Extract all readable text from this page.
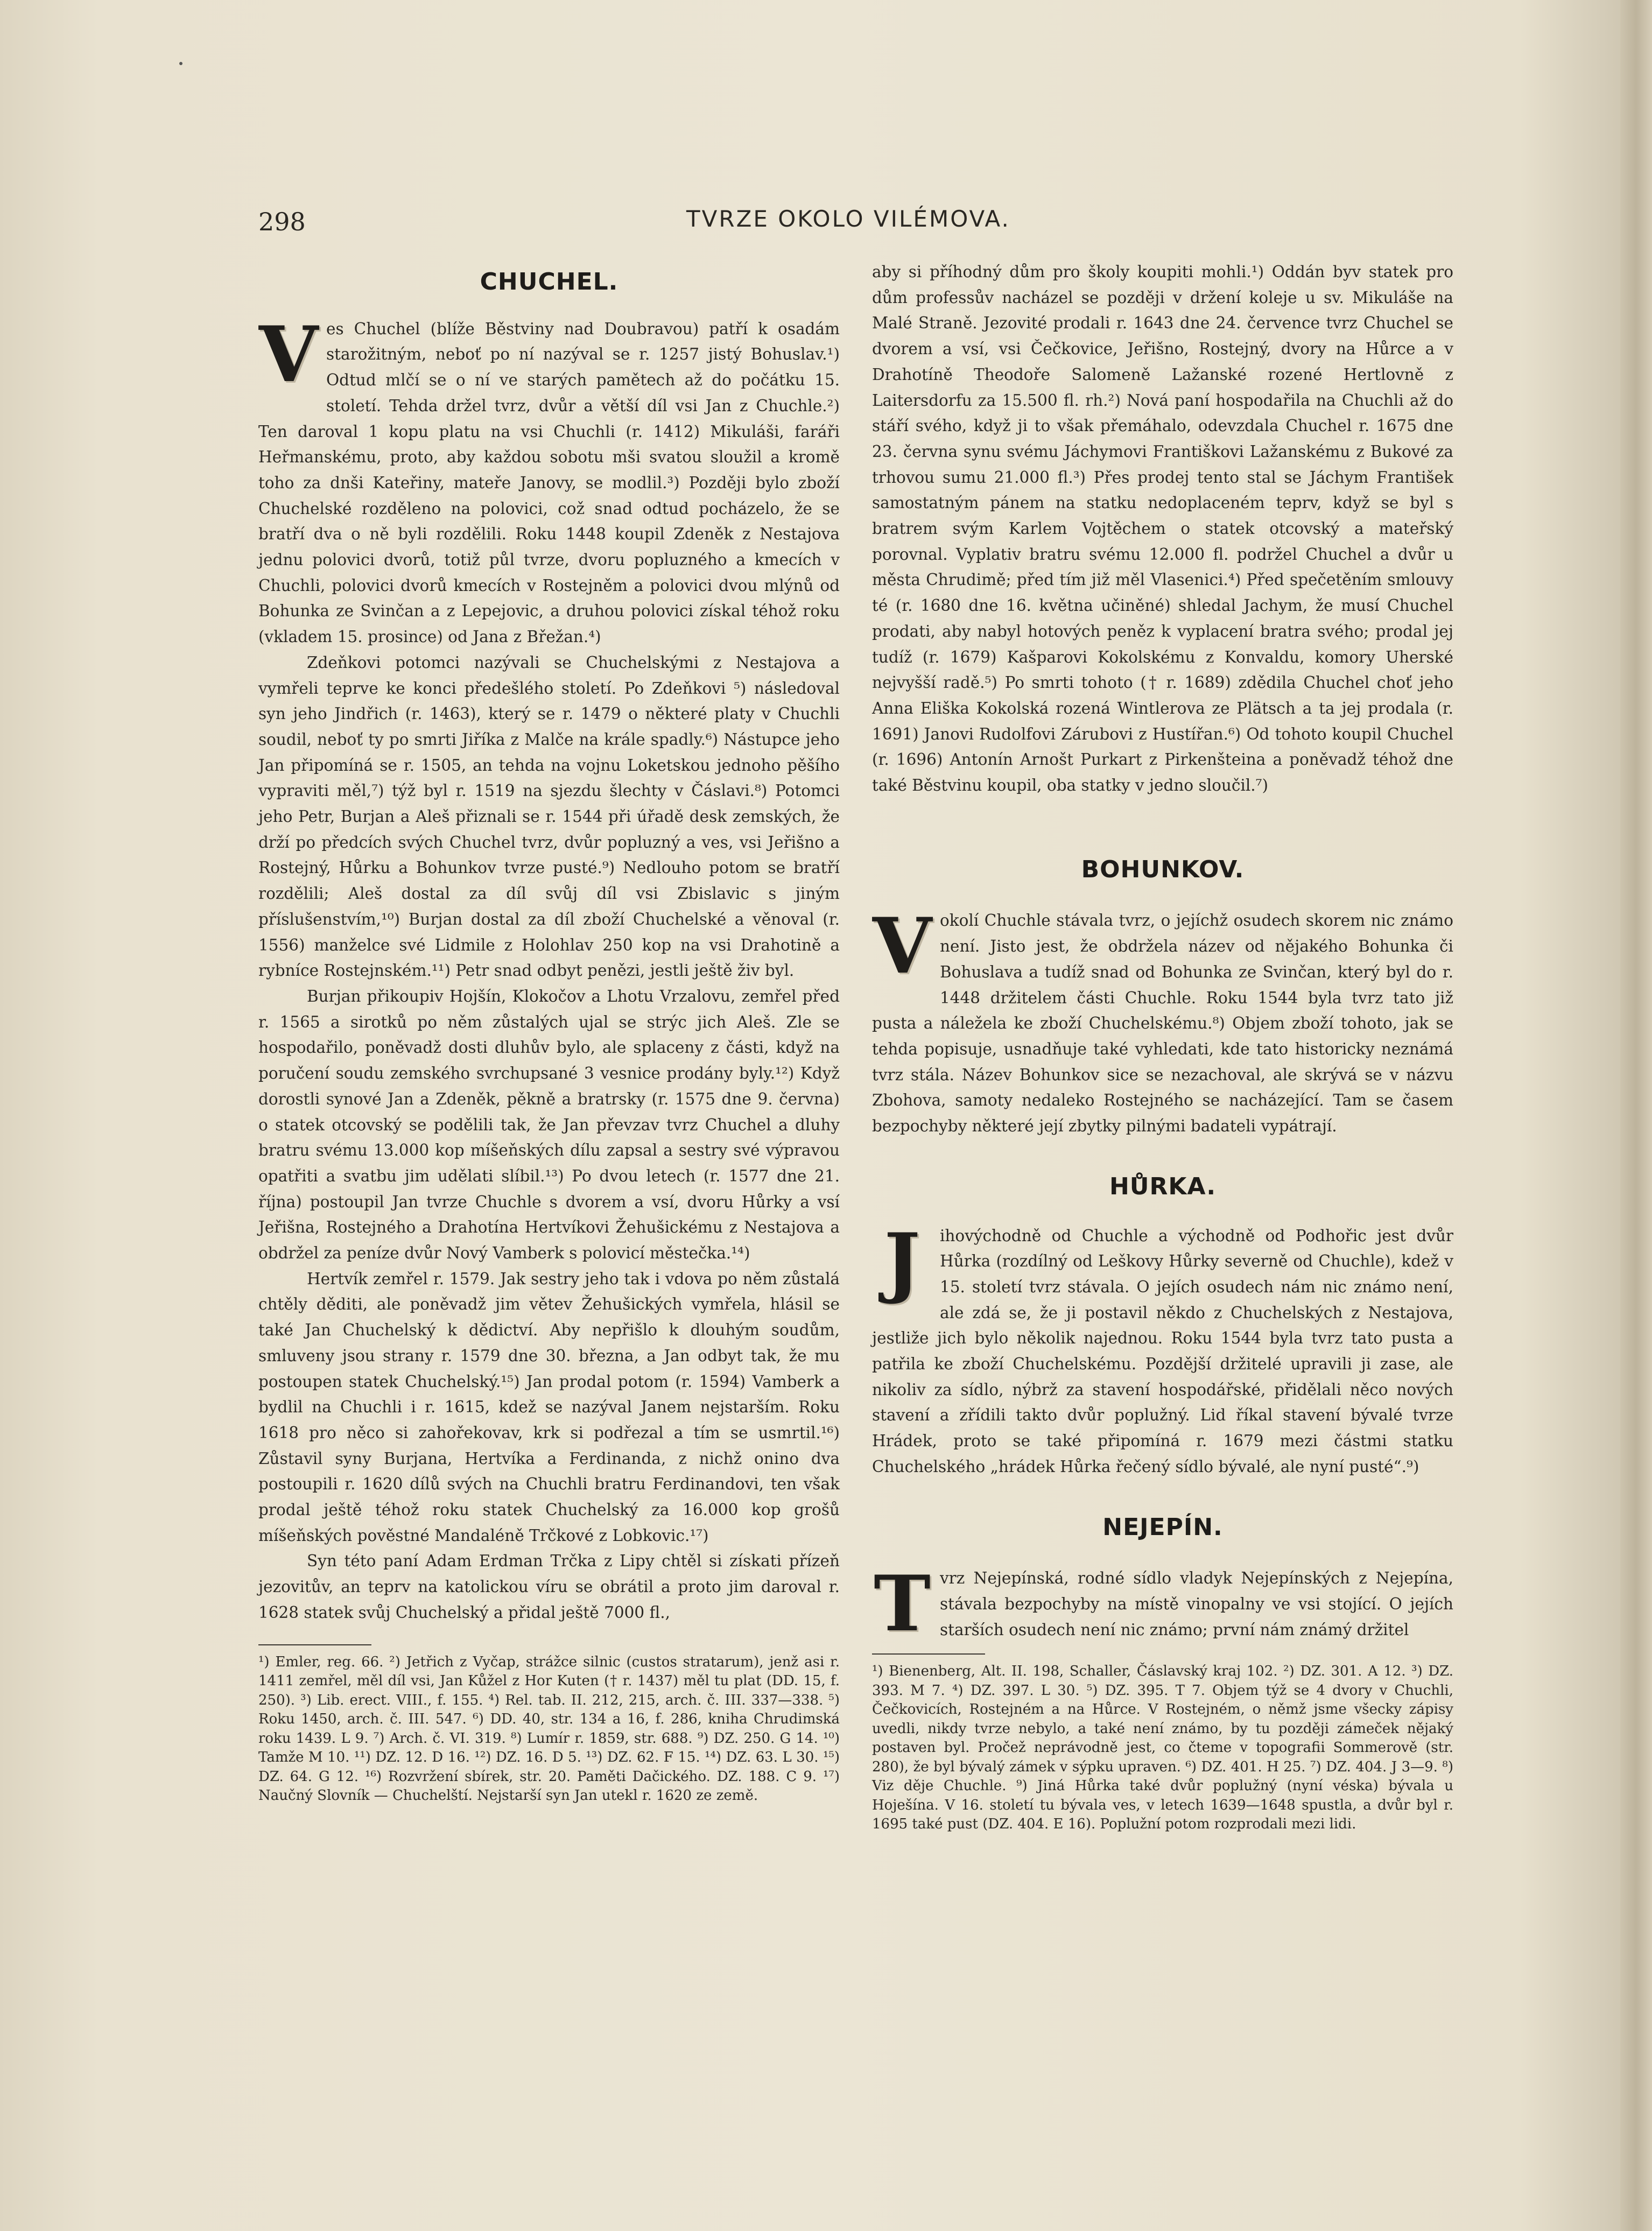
298	TVRZE OKOLO VILÉMOVA.
CHUCHEL.

Ves Chuchel (blíže Běstviny nad Doubravou) patří k osadám starožitným, neboť po ní nazýval se r. 1257 jistý Bohuslav.¹) Odtud mlčí se o ní ve starých pamětech až do počátku 15. století. Tehda držel tvrz, dvůr a větší díl vsi Jan z Chuchle.²) Ten daroval 1 kopu platu na vsi Chuchli (r. 1412) Mikuláši, faráři Heřmanskému, proto, aby každou sobotu mši svatou sloužil a kromě toho za dnši Kateřiny, mateře Janovy, se modlil.³) Později bylo zboží Chuchelské rozděleno na polovici, což snad odtud pocházelo, že se bratří dva o ně byli rozdělili. Roku 1448 koupil Zdeněk z Nestajova jednu polovici dvorů, totiž půl tvrze, dvoru popluzného a kmecích v Chuchli, polovici dvorů kmecích v Rostejněm a polovici dvou mlýnů od Bohunka ze Svinčan a z Lepejovic, a druhou polovici získal téhož roku (vkladem 15. prosince) od Jana z Břežan.⁴)

Zdeňkovi potomci nazývali se Chuchelskými z Nestajova a vymřeli teprve ke konci předešlého století. Po Zdeňkovi ⁵) následoval syn jeho Jindřich (r. 1463), který se r. 1479 o některé platy v Chuchli soudil, neboť ty po smrti Jiříka z Malče na krále spadly.⁶) Nástupce jeho Jan připomíná se r. 1505, an tehda na vojnu Loketskou jednoho pěšího vypraviti měl,⁷) týž byl r. 1519 na sjezdu šlechty v Čáslavi.⁸) Potomci jeho Petr, Burjan a Aleš přiznali se r. 1544 při úřadě desk zemských, že drží po předcích svých Chuchel tvrz, dvůr popluzný a ves, vsi Jeřišno a Rostejný, Hůrku a Bohunkov tvrze pusté.⁹) Nedlouho potom se bratří rozdělili; Aleš dostal za díl svůj díl vsi Zbislavic s jiným příslušenstvím,¹⁰) Burjan dostal za díl zboží Chuchelské a věnoval (r. 1556) manželce své Lidmile z Holohlav 250 kop na vsi Drahotině a rybníce Rostejnském.¹¹) Petr snad odbyt penězi, jestli ještě živ byl.

Burjan přikoupiv Hojšín, Klokočov a Lhotu Vrzalovu, zemřel před r. 1565 a sirotků po něm zůstalých ujal se strýc jich Aleš. Zle se hospodařilo, poněvadž dosti dluhův bylo, ale splaceny z části, když na poručení soudu zemského svrchupsané 3 vesnice prodány byly.¹²) Když dorostli synové Jan a Zdeněk, pěkně a bratrsky (r. 1575 dne 9. června) o statek otcovský se podělili tak, že Jan převzav tvrz Chuchel a dluhy bratru svému 13.000 kop míšeňských dílu zapsal a sestry své výpravou opatřiti a svatbu jim udělati slíbil.¹³) Po dvou letech (r. 1577 dne 21. října) postoupil Jan tvrze Chuchle s dvorem a vsí, dvoru Hůrky a vsí Jeřišna, Rostejného a Drahotína Hertvíkovi Žehušickému z Nestajova a obdržel za peníze dvůr Nový Vamberk s polovicí městečka.¹⁴)

Hertvík zemřel r. 1579. Jak sestry jeho tak i vdova po něm zůstalá chtěly děditi, ale poněvadž jim větev Žehušických vymřela, hlásil se také Jan Chuchelský k dědictví. Aby nepřišlo k dlouhým soudům, smluveny jsou strany r. 1579 dne 30. března, a Jan odbyt tak, že mu postoupen statek Chuchelský.¹⁵) Jan prodal potom (r. 1594) Vamberk a bydlil na Chuchli i r. 1615, kdež se nazýval Janem nejstarším. Roku 1618 pro něco si zahořekovav, krk si podřezal a tím se usmrtil.¹⁶) Zůstavil syny Burjana, Hertvíka a Ferdinanda, z nichž onino dva postoupili r. 1620 dílů svých na Chuchli bratru Ferdinandovi, ten však prodal ještě téhož roku statek Chuchelský za 16.000 kop grošů míšeňských pověstné Mandaléně Trčkové z Lobkovic.¹⁷)

Syn této paní Adam Erdman Trčka z Lipy chtěl si získati přízeň jezovitův, an teprv na katolickou víru se obrátil a proto jim daroval r. 1628 statek svůj Chuchelský a přidal ještě 7000 fl.,

¹) Emler, reg. 66. ²) Jetřich z Vyčap, strážce silnic (custos stratarum), jenž asi r. 1411 zemřel, měl díl vsi, Jan Kůžel z Hor Kuten († r. 1437) měl tu plat (DD. 15, f. 250). ³) Lib. erect. VIII., f. 155. ⁴) Rel. tab. II. 212, 215, arch. č. III. 337—338. ⁵) Roku 1450, arch. č. III. 547. ⁶) DD. 40, str. 134 a 16, f. 286, kniha Chrudimská roku 1439. L 9. ⁷) Arch. č. VI. 319. ⁸) Lumír r. 1859, str. 688. ⁹) DZ. 250. G 14. ¹⁰) Tamže M 10. ¹¹) DZ. 12. D 16. ¹²) DZ. 16. D 5. ¹³) DZ. 62. F 15. ¹⁴) DZ. 63. L 30. ¹⁵) DZ. 64. G 12. ¹⁶) Rozvržení sbírek, str. 20. Paměti Dačického. DZ. 188. C 9. ¹⁷) Naučný Slovník — Chuchelští. Nejstarší syn Jan utekl r. 1620 ze země.

aby si příhodný dům pro školy koupiti mohli.¹) Oddán byv statek pro dům professův nacházel se později v držení koleje u sv. Mikuláše na Malé Straně. Jezovité prodali r. 1643 dne 24. července tvrz Chuchel se dvorem a vsí, vsi Čečkovice, Jeřišno, Rostejný, dvory na Hůrce a v Drahotíně Theodoře Salomeně Lažanské rozené Hertlovně z Laitersdorfu za 15.500 fl. rh.²) Nová paní hospodařila na Chuchli až do stáří svého, když ji to však přemáhalo, odevzdala Chuchel r. 1675 dne 23. června synu svému Jáchymovi Františkovi Lažanskému z Bukové za trhovou sumu 21.000 fl.³) Přes prodej tento stal se Jáchym František samostatným pánem na statku nedoplaceném teprv, když se byl s bratrem svým Karlem Vojtěchem o statek otcovský a mateřský porovnal. Vyplativ bratru svému 12.000 fl. podržel Chuchel a dvůr u města Chrudimě; před tím již měl Vlasenici.⁴) Před spečetěním smlouvy té (r. 1680 dne 16. května učiněné) shledal Jachym, že musí Chuchel prodati, aby nabyl hotových peněz k vyplacení bratra svého; prodal jej tudíž (r. 1679) Kašparovi Kokolskému z Konvaldu, komory Uherské nejvyšší radě.⁵) Po smrti tohoto († r. 1689) zdědila Chuchel choť jeho Anna Eliška Kokolská rozená Wintlerova ze Plätsch a ta jej prodala (r. 1691) Janovi Rudolfovi Zárubovi z Hustířan.⁶) Od tohoto koupil Chuchel (r. 1696) Antonín Arnošt Purkart z Pirkenšteina a poněvadž téhož dne také Běstvinu koupil, oba statky v jedno sloučil.⁷)

BOHUNKOV.

Vokolí Chuchle stávala tvrz, o jejíchž osudech skorem nic známo není. Jisto jest, že obdržela název od nějakého Bohunka či Bohuslava a tudíž snad od Bohunka ze Svinčan, který byl do r. 1448 držitelem části Chuchle. Roku 1544 byla tvrz tato již pusta a náležela ke zboží Chuchelskému.⁸) Objem zboží tohoto, jak se tehda popisuje, usnadňuje také vyhledati, kde tato historicky neznámá tvrz stála. Název Bohunkov sice se nezachoval, ale skrývá se v názvu Zbohova, samoty nedaleko Rostejného se nacházející. Tam se časem bezpochyby některé její zbytky pilnými badateli vypátrají.

HŮRKA.

J	ihovýchodně od Chuchle a východně od Podhořic jest dvůr Hůrka (rozdílný od Leškovy Hůrky severně od Chuchle), kdež v 15. století tvrz stávala. O jejích osudech nám nic známo není, ale zdá se, že ji postavil někdo z Chuchelských z Nestajova, jestliže jich bylo několik najednou. Roku 1544 byla tvrz tato pusta a patřila ke zboží Chuchelskému. Pozdější držitelé upravili ji zase, ale nikoliv za sídlo, nýbrž za stavení hospodářské, přidělali něco nových stavení a zřídili takto dvůr poplužný. Lid říkal stavení bývalé tvrze Hrádek, proto se také připomíná r. 1679 mezi částmi statku Chuchelského „hrádek Hůrka řečený sídlo bývalé, ale nyní pusté“.⁹)

NEJEPÍN.

Tvrz Nejepínská, rodné sídlo vladyk Nejepínských z Nejepína, stávala bezpochyby na místě vinopalny ve vsi stojící. O jejích starších osudech není nic známo; první nám známý držitel

¹) Bienenberg, Alt. II. 198, Schaller, Čáslavský kraj 102. ²) DZ. 301. A 12. ³) DZ. 393. M 7. ⁴) DZ. 397. L 30. ⁵) DZ. 395. T 7. Objem týž se 4 dvory v Chuchli, Čečkovicích, Rostejném a na Hůrce. V Rostejném, o němž jsme všecky zápisy uvedli, nikdy tvrze nebylo, a také není známo, by tu později zámeček nějaký postaven byl. Pročež neprávodně jest, co čteme v topografii Sommerově (str. 280), že byl bývalý zámek v sýpku upraven. ⁶) DZ. 401. H 25. ⁷) DZ. 404. J 3—9. ⁸) Viz děje Chuchle. ⁹) Jiná Hůrka také dvůr poplužný (nyní véska) bývala u Hoješína. V 16. století tu bývala ves, v letech 1639—1648 spustla, a dvůr byl r. 1695 také pust (DZ. 404. E 16). Poplužní potom rozprodali mezi lidi.
